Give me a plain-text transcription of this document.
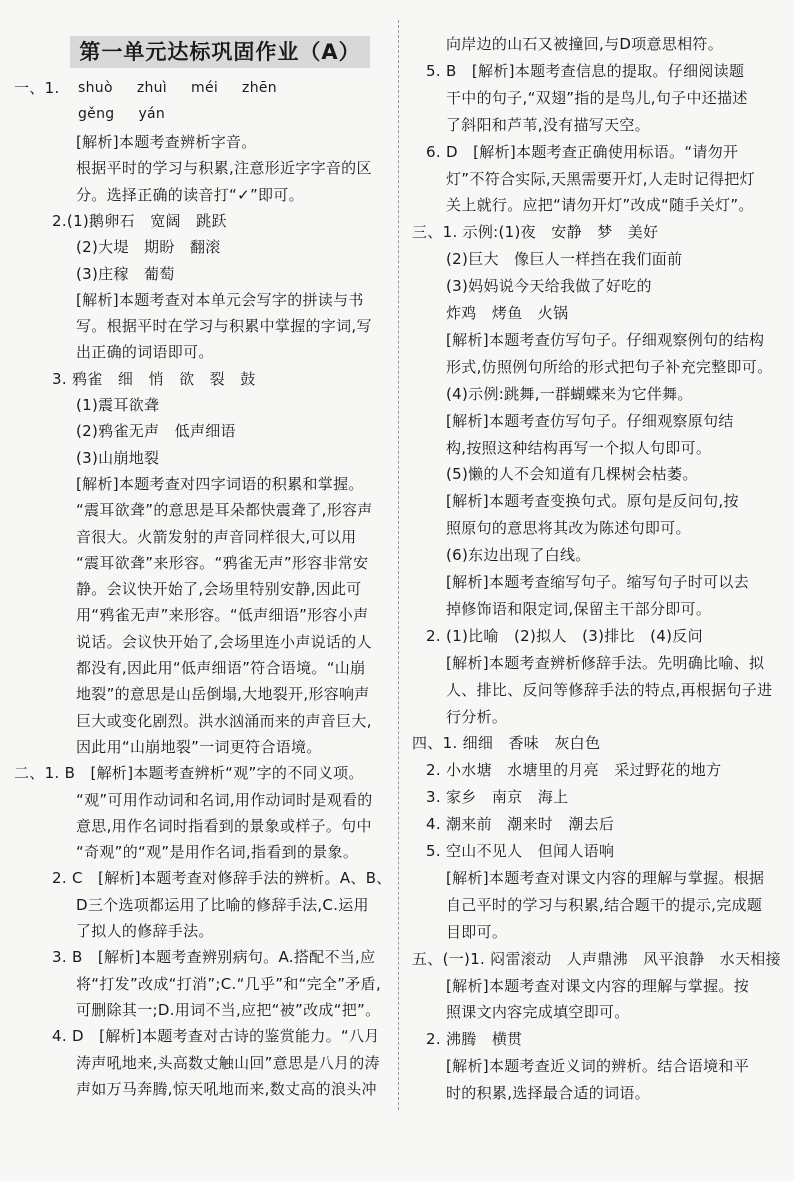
第一单元达标巩固作业（A）
一、1. shuò zhuì méi zhēn
gěng yán
[解析]本题考查辨析字音。
根据平时的学习与积累,注意形近字字音的区
分。选择正确的读音打“✓”即可。
2.(1)鹅卵石　宽阔　跳跃
(2)大堤　期盼　翻滚
(3)庄稼　葡萄
[解析]本题考查对本单元会写字的拼读与书
写。根据平时在学习与积累中掌握的字词,写
出正确的词语即可。
3. 鸦雀　细　悄　欲　裂　鼓
(1)震耳欲聋
(2)鸦雀无声　低声细语
(3)山崩地裂
[解析]本题考查对四字词语的积累和掌握。
“震耳欲聋”的意思是耳朵都快震聋了,形容声
音很大。火箭发射的声音同样很大,可以用
“震耳欲聋”来形容。“鸦雀无声”形容非常安
静。会议快开始了,会场里特别安静,因此可
用“鸦雀无声”来形容。“低声细语”形容小声
说话。会议快开始了,会场里连小声说话的人
都没有,因此用“低声细语”符合语境。“山崩
地裂”的意思是山岳倒塌,大地裂开,形容响声
巨大或变化剧烈。洪水汹涌而来的声音巨大,
因此用“山崩地裂”一词更符合语境。
二、1. B　[解析]本题考查辨析“观”字的不同义项。
“观”可用作动词和名词,用作动词时是观看的
意思,用作名词时指看到的景象或样子。句中
“奇观”的“观”是用作名词,指看到的景象。
2. C　[解析]本题考查对修辞手法的辨析。A、B、
D三个选项都运用了比喻的修辞手法,C.运用
了拟人的修辞手法。
3. B　[解析]本题考查辨别病句。A.搭配不当,应
将“打发”改成“打消”;C.“几乎”和“完全”矛盾,
可删除其一;D.用词不当,应把“被”改成“把”。
4. D　[解析]本题考查对古诗的鉴赏能力。“八月
涛声吼地来,头高数丈触山回”意思是八月的涛
声如万马奔腾,惊天吼地而来,数丈高的浪头冲
向岸边的山石又被撞回,与D项意思相符。
5. B　[解析]本题考查信息的提取。仔细阅读题
干中的句子,“双翅”指的是鸟儿,句子中还描述
了斜阳和芦苇,没有描写天空。
6. D　[解析]本题考查正确使用标语。“请勿开
灯”不符合实际,天黑需要开灯,人走时记得把灯
关上就行。应把“请勿开灯”改成“随手关灯”。
三、1. 示例:(1)夜　安静　梦　美好
(2)巨大　像巨人一样挡在我们面前
(3)妈妈说今天给我做了好吃的
炸鸡　烤鱼　火锅
[解析]本题考查仿写句子。仔细观察例句的结构
形式,仿照例句所给的形式把句子补充完整即可。
(4)示例:跳舞,一群蝴蝶来为它伴舞。
[解析]本题考查仿写句子。仔细观察原句结
构,按照这种结构再写一个拟人句即可。
(5)懒的人不会知道有几棵树会枯萎。
[解析]本题考查变换句式。原句是反问句,按
照原句的意思将其改为陈述句即可。
(6)东边出现了白线。
[解析]本题考查缩写句子。缩写句子时可以去
掉修饰语和限定词,保留主干部分即可。
2. (1)比喻　(2)拟人　(3)排比　(4)反问
[解析]本题考查辨析修辞手法。先明确比喻、拟
人、排比、反问等修辞手法的特点,再根据句子进
行分析。
四、1. 细细　香味　灰白色
2. 小水塘　水塘里的月亮　采过野花的地方
3. 家乡　南京　海上
4. 潮来前　潮来时　潮去后
5. 空山不见人　但闻人语响
[解析]本题考查对课文内容的理解与掌握。根据
自己平时的学习与积累,结合题干的提示,完成题
目即可。
五、(一)1. 闷雷滚动　人声鼎沸　风平浪静　水天相接
[解析]本题考查对课文内容的理解与掌握。按
照课文内容完成填空即可。
2. 沸腾　横贯
[解析]本题考查近义词的辨析。结合语境和平
时的积累,选择最合适的词语。
